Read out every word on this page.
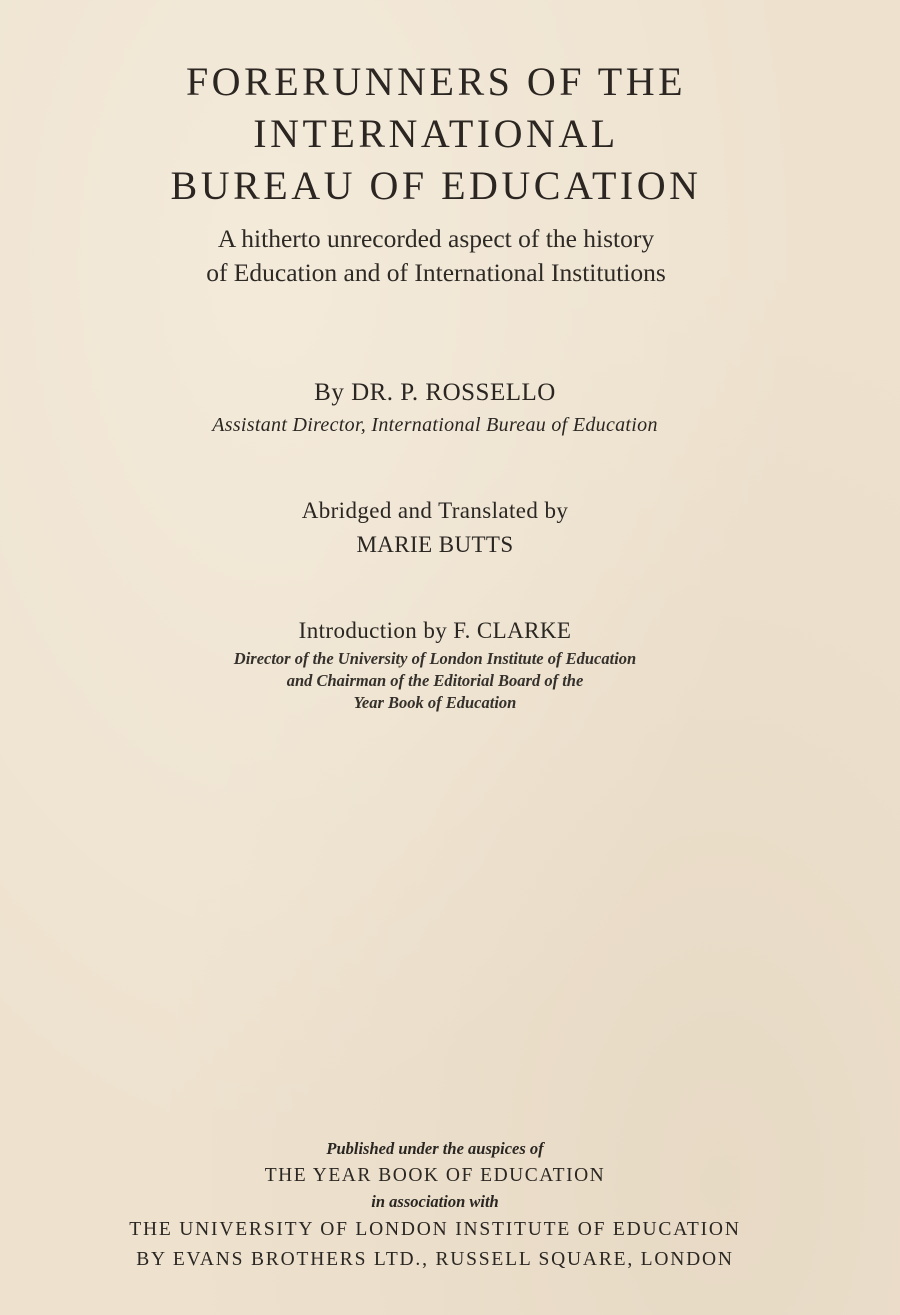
FORERUNNERS OF THE
INTERNATIONAL
BUREAU OF EDUCATION
A hitherto unrecorded aspect of the history
of Education and of International Institutions
By DR. P. ROSSELLO
Assistant Director, International Bureau of Education
Abridged and Translated by
MARIE BUTTS
Introduction by F. CLARKE
Director of the University of London Institute of Education
and Chairman of the Editorial Board of the
Year Book of Education
Published under the auspices of
THE YEAR BOOK OF EDUCATION
in association with
THE UNIVERSITY OF LONDON INSTITUTE OF EDUCATION
BY EVANS BROTHERS LTD., RUSSELL SQUARE, LONDON
